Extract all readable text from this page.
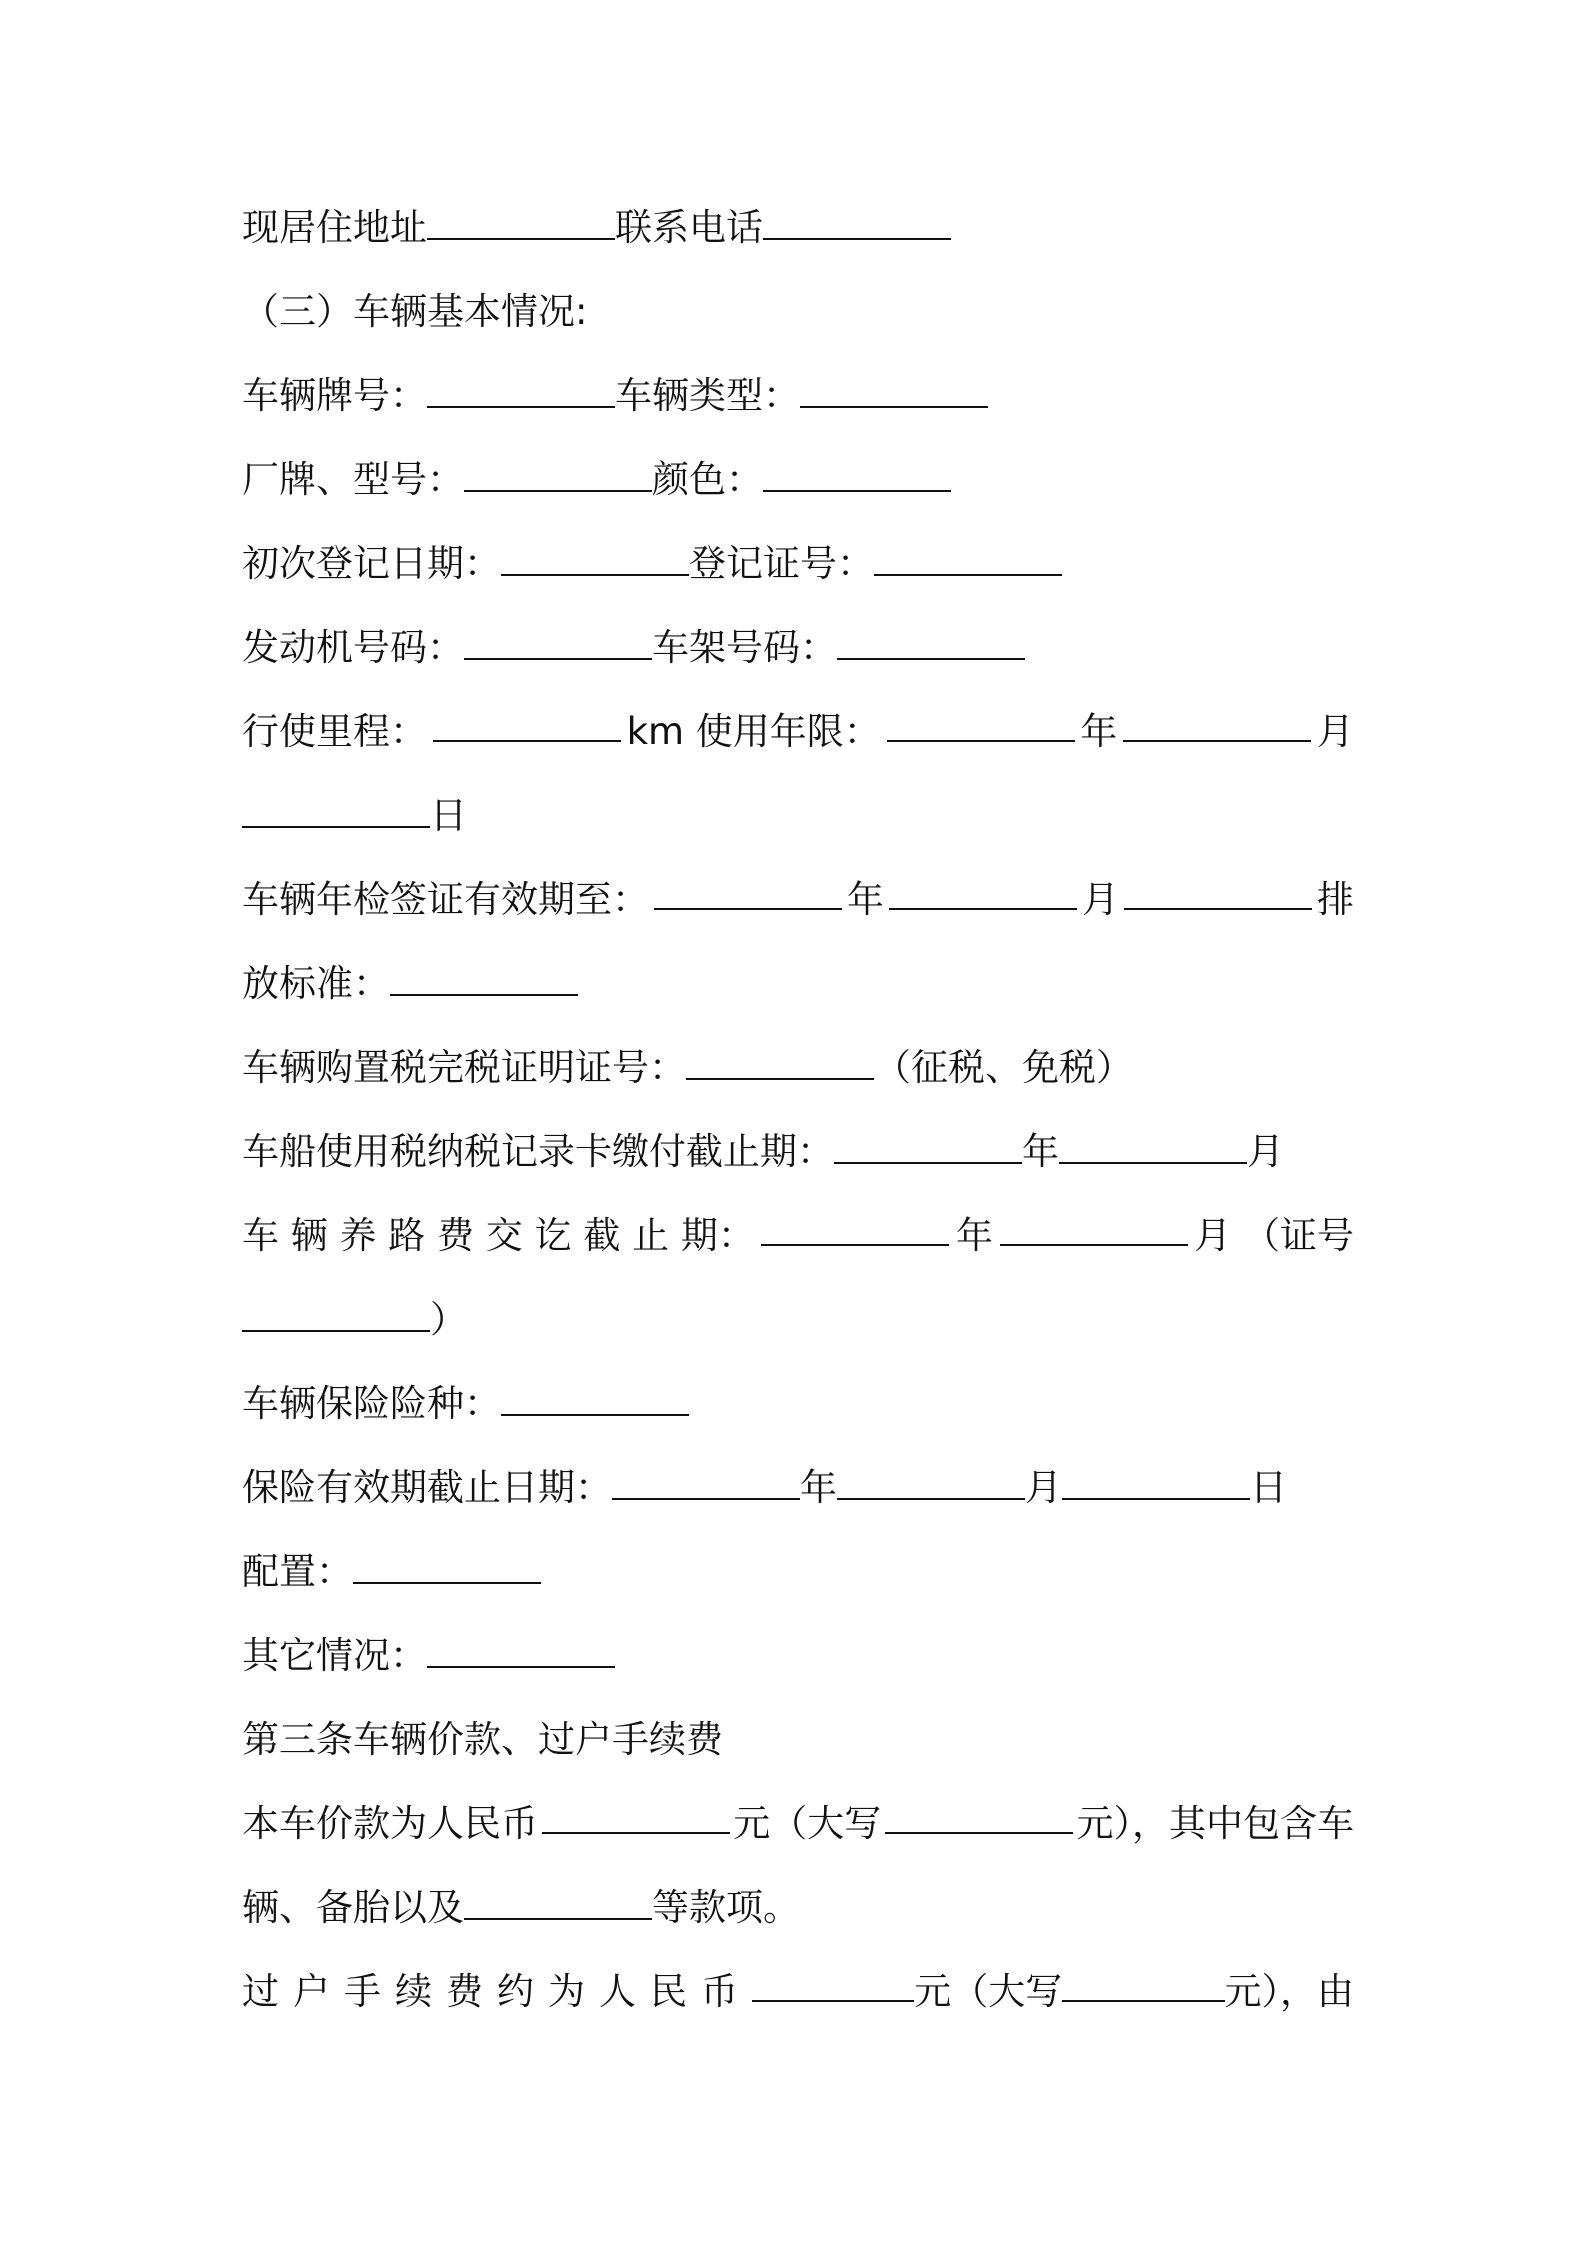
现居住地址	联系电话
（三）车辆基本情况:
车辆牌号：	车辆类型：
厂牌、型号：	颜色：
初次登记日期：	登记证号：
发动机号码：	车架号码：
行使里程：	km 使用年限：	年	月
日
车辆年检签证有效期至：	年	月	排
放标准：
车辆购置税完税证明证号：	（征税、免税）
车船使用税纳税记录卡缴付截止期：	年	月
车 辆 养 路 费 交 讫 截 止 期：	年	月 （证号
）
车辆保险险种：
保险有效期截止日期：	年	月	日
配置：
其它情况：
第三条车辆价款、过户手续费
本车价款为人民币	元（大写	元），其中包含车
辆、备胎以及	等款项。
过户手续费约为人民币	元（大写	元），由
